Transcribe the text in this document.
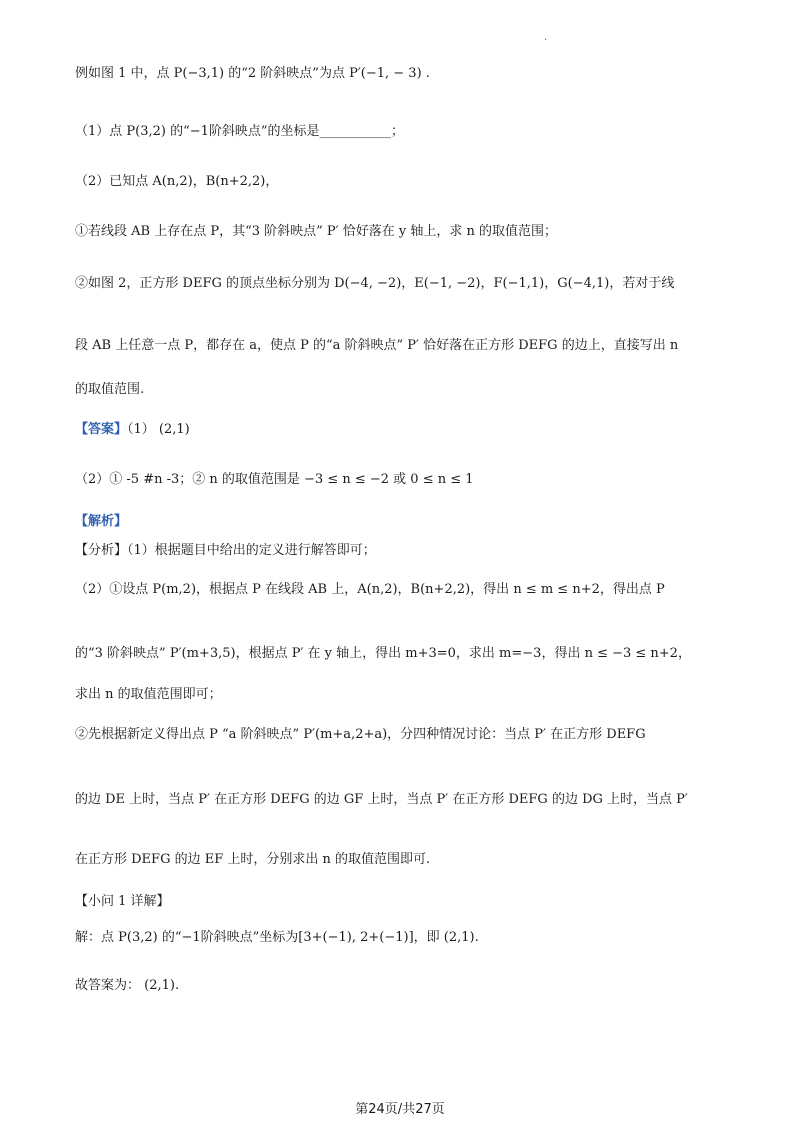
.
例如图 1 中，点 P(−3,1) 的“2 阶斜映点”为点 P′(−1, − 3) .
（1）点 P(3,2) 的“−1阶斜映点”的坐标是___________；
（2）已知点 A(n,2)，B(n+2,2)，
①若线段 AB 上存在点 P，其“3 阶斜映点” P′ 恰好落在 y 轴上，求 n 的取值范围；
②如图 2，正方形 DEFG 的顶点坐标分别为 D(−4, −2)，E(−1, −2)，F(−1,1)，G(−4,1)，若对于线
段 AB 上任意一点 P，都存在 a，使点 P 的“a 阶斜映点” P′ 恰好落在正方形 DEFG 的边上，直接写出 n
的取值范围.
【答案】（1） (2,1)
（2）① -5 #n -3；② n 的取值范围是 −3 ≤ n ≤ −2 或 0 ≤ n ≤ 1
【解析】
【分析】（1）根据题目中给出的定义进行解答即可；
（2）①设点 P(m,2)，根据点 P 在线段 AB 上，A(n,2)，B(n+2,2)，得出 n ≤ m ≤ n+2，得出点 P
的“3 阶斜映点” P′(m+3,5)，根据点 P′ 在 y 轴上，得出 m+3=0，求出 m=−3，得出 n ≤ −3 ≤ n+2，
求出 n 的取值范围即可；
②先根据新定义得出点 P “a 阶斜映点” P′(m+a,2+a)，分四种情况讨论：当点 P′ 在正方形 DEFG
的边 DE 上时，当点 P′ 在正方形 DEFG 的边 GF 上时，当点 P′ 在正方形 DEFG 的边 DG 上时，当点 P′
在正方形 DEFG 的边 EF 上时，分别求出 n 的取值范围即可.
【小问 1 详解】
解：点 P(3,2) 的“−1阶斜映点”坐标为[3+(−1), 2+(−1)]，即 (2,1).
故答案为： (2,1).
第24页/共27页
